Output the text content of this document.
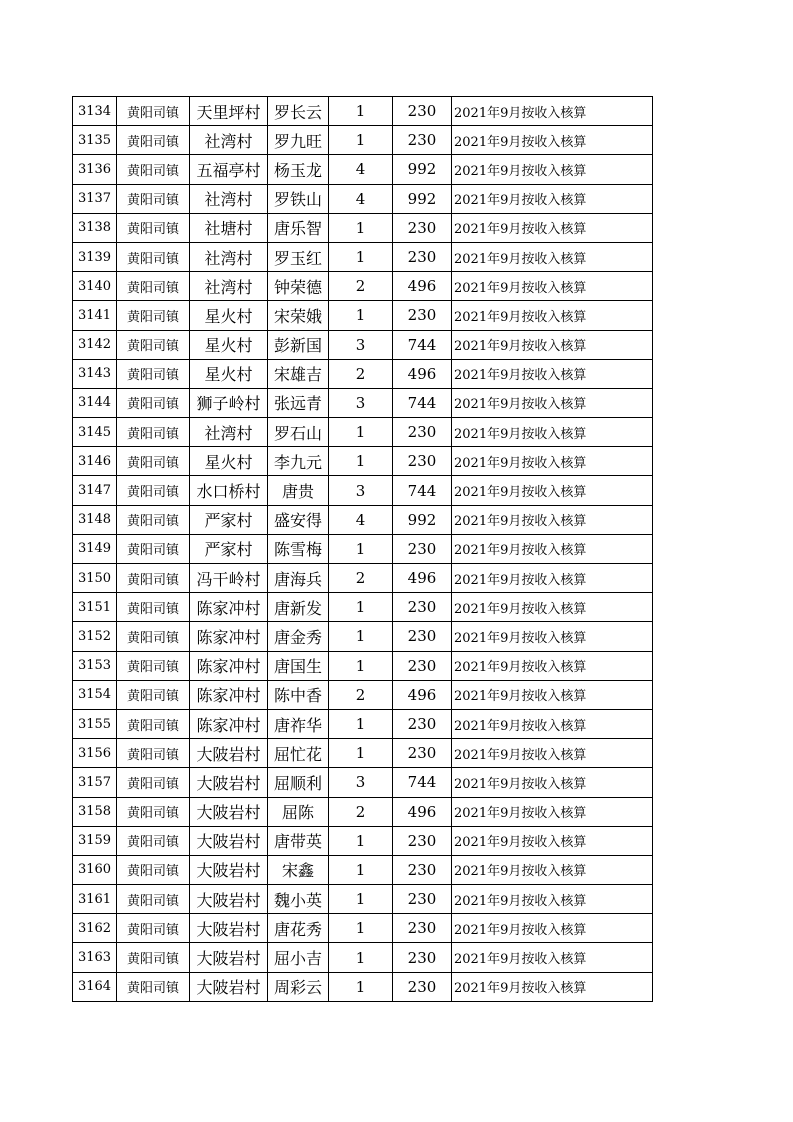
3134	黄阳司镇	天里坪村	罗长云	1	230	2021年9月按收入核算
3135	黄阳司镇	社湾村	罗九旺	1	230	2021年9月按收入核算
3136	黄阳司镇	五福亭村	杨玉龙	4	992	2021年9月按收入核算
3137	黄阳司镇	社湾村	罗铁山	4	992	2021年9月按收入核算
3138	黄阳司镇	社塘村	唐乐智	1	230	2021年9月按收入核算
3139	黄阳司镇	社湾村	罗玉红	1	230	2021年9月按收入核算
3140	黄阳司镇	社湾村	钟荣德	2	496	2021年9月按收入核算
3141	黄阳司镇	星火村	宋荣娥	1	230	2021年9月按收入核算
3142	黄阳司镇	星火村	彭新国	3	744	2021年9月按收入核算
3143	黄阳司镇	星火村	宋雄吉	2	496	2021年9月按收入核算
3144	黄阳司镇	狮子岭村	张远青	3	744	2021年9月按收入核算
3145	黄阳司镇	社湾村	罗石山	1	230	2021年9月按收入核算
3146	黄阳司镇	星火村	李九元	1	230	2021年9月按收入核算
3147	黄阳司镇	水口桥村	唐贵	3	744	2021年9月按收入核算
3148	黄阳司镇	严家村	盛安得	4	992	2021年9月按收入核算
3149	黄阳司镇	严家村	陈雪梅	1	230	2021年9月按收入核算
3150	黄阳司镇	冯干岭村	唐海兵	2	496	2021年9月按收入核算
3151	黄阳司镇	陈家冲村	唐新发	1	230	2021年9月按收入核算
3152	黄阳司镇	陈家冲村	唐金秀	1	230	2021年9月按收入核算
3153	黄阳司镇	陈家冲村	唐国生	1	230	2021年9月按收入核算
3154	黄阳司镇	陈家冲村	陈中香	2	496	2021年9月按收入核算
3155	黄阳司镇	陈家冲村	唐祚华	1	230	2021年9月按收入核算
3156	黄阳司镇	大陂岩村	屈忙花	1	230	2021年9月按收入核算
3157	黄阳司镇	大陂岩村	屈顺利	3	744	2021年9月按收入核算
3158	黄阳司镇	大陂岩村	屈陈	2	496	2021年9月按收入核算
3159	黄阳司镇	大陂岩村	唐带英	1	230	2021年9月按收入核算
3160	黄阳司镇	大陂岩村	宋鑫	1	230	2021年9月按收入核算
3161	黄阳司镇	大陂岩村	魏小英	1	230	2021年9月按收入核算
3162	黄阳司镇	大陂岩村	唐花秀	1	230	2021年9月按收入核算
3163	黄阳司镇	大陂岩村	屈小吉	1	230	2021年9月按收入核算
3164	黄阳司镇	大陂岩村	周彩云	1	230	2021年9月按收入核算
